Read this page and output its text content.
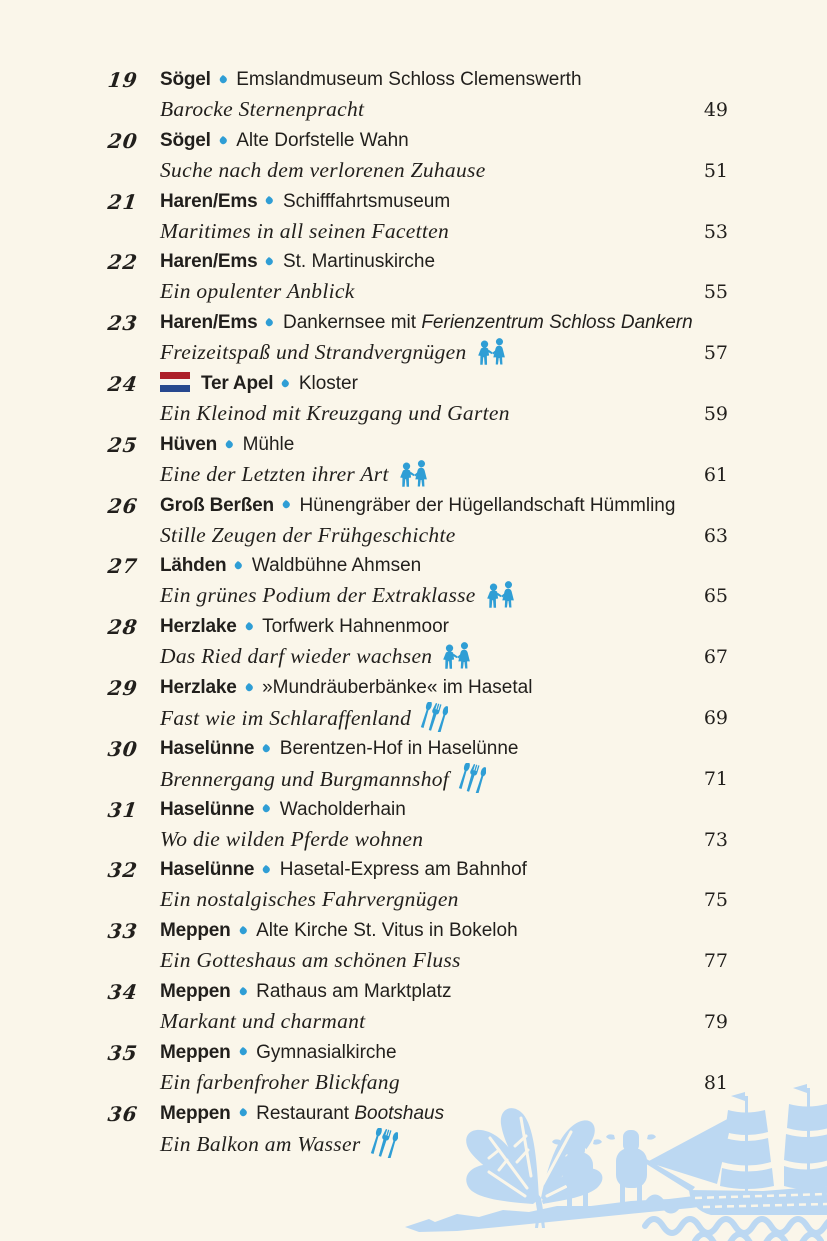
19	Sögel Emslandmuseum Schloss Clemenswerth
Barocke Sternenpracht	49
20	Sögel Alte Dorfstelle Wahn
Suche nach dem verlorenen Zuhause	51
21	Haren/Ems Schifffahrtsmuseum
Maritimes in all seinen Facetten	53
22	Haren/Ems St. Martinuskirche
Ein opulenter Anblick	55
23	Haren/Ems Dankernsee mit Ferienzentrum Schloss Dankern
Freizeitspaß und Strandvergnügen	57
24	Ter Apel Kloster
Ein Kleinod mit Kreuzgang und Garten	59
25	Hüven Mühle
Eine der Letzten ihrer Art	61
26	Groß Berßen Hünengräber der Hügellandschaft Hümmling
Stille Zeugen der Frühgeschichte	63
27	Lähden Waldbühne Ahmsen
Ein grünes Podium der Extraklasse	65
28	Herzlake Torfwerk Hahnenmoor
Das Ried darf wieder wachsen	67
29	Herzlake »Mundräuberbänke« im Hasetal
Fast wie im Schlaraffenland	69
30	Haselünne Berentzen-Hof in Haselünne
Brennergang und Burgmannshof	71
31	Haselünne Wacholderhain
Wo die wilden Pferde wohnen	73
32	Haselünne Hasetal-Express am Bahnhof
Ein nostalgisches Fahrvergnügen	75
33	Meppen Alte Kirche St. Vitus in Bokeloh
Ein Gotteshaus am schönen Fluss	77
34	Meppen Rathaus am Marktplatz
Markant und charmant	79
35	Meppen Gymnasialkirche
Ein farbenfroher Blickfang	81
36	Meppen Restaurant Bootshaus
Ein Balkon am Wasser
